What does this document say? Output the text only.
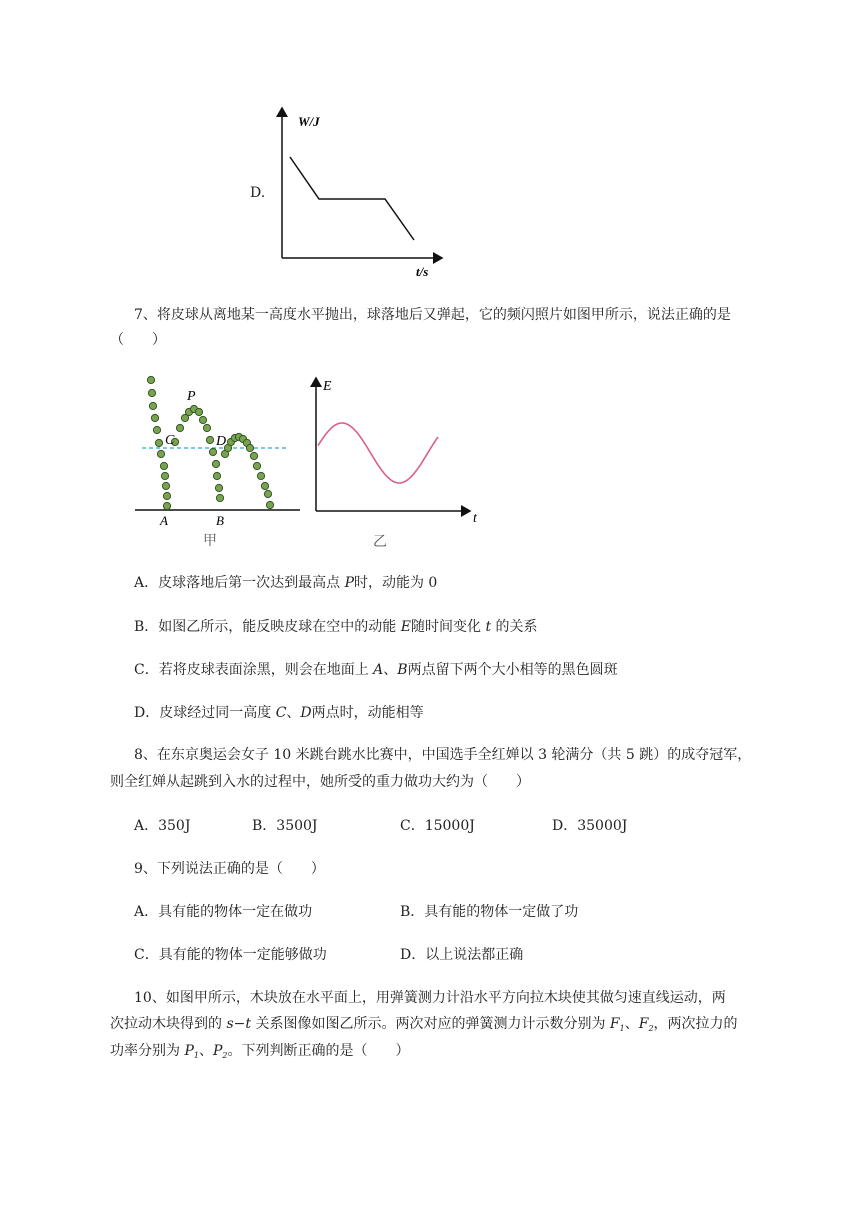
D.
W/J
t/s
7、将皮球从离地某一高度水平抛出，球落地后又弹起，它的频闪照片如图甲所示，说法正确的是
（　　）
P
C	D
A	B
甲
E
t
乙
A．皮球落地后第一次达到最高点 P时，动能为 0
B．如图乙所示，能反映皮球在空中的动能 E随时间变化 t 的关系
C．若将皮球表面涂黑，则会在地面上 A、B两点留下两个大小相等的黑色圆斑
D．皮球经过同一高度 C、D两点时，动能相等
8、在东京奥运会女子 10 米跳台跳水比赛中，中国选手全红婵以 3 轮满分（共 5 跳）的成夺冠军，
则全红婵从起跳到入水的过程中，她所受的重力做功大约为（　　）
A．350J	B．3500J	C．15000J	D．35000J
9、下列说法正确的是（　　）
A．具有能的物体一定在做功	B．具有能的物体一定做了功
C．具有能的物体一定能够做功	D．以上说法都正确
10、如图甲所示，木块放在水平面上，用弹簧测力计沿水平方向拉木块使其做匀速直线运动，两
次拉动木块得到的 s−t 关系图像如图乙所示。两次对应的弹簧测力计示数分别为 $F_1$、$F_2$，两次拉力的
功率分别为 $P_1$、$P_2$。下列判断正确的是（　　）
